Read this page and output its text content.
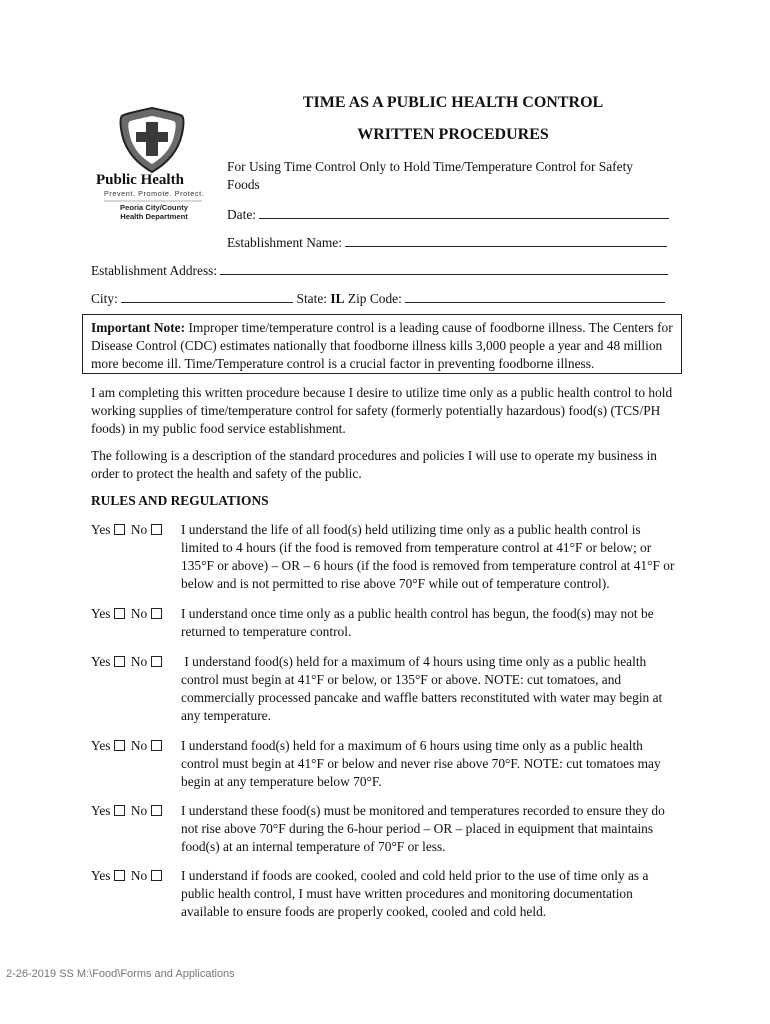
TIME AS A PUBLIC HEALTH CONTROL
WRITTEN PROCEDURES
Public Health
Prevent. Promote. Protect.
Peoria City/County
Health Department
For Using Time Control Only to Hold Time/Temperature Control for Safety Foods
Date:
Establishment Name:
Establishment Address:
City:	State: IL Zip Code:
Important Note: Improper time/temperature control is a leading cause of foodborne illness. The Centers for Disease Control (CDC) estimates nationally that foodborne illness kills 3,000 people a year and 48 million more become ill. Time/Temperature control is a crucial factor in preventing foodborne illness.
I am completing this written procedure because I desire to utilize time only as a public health control to hold working supplies of time/temperature control for safety (formerly potentially hazardous) food(s) (TCS/PH foods) in my public food service establishment.
The following is a description of the standard procedures and policies I will use to operate my business in order to protect the health and safety of the public.
RULES AND REGULATIONS
Yes No	I understand the life of all food(s) held utilizing time only as a public health control is limited to 4 hours (if the food is removed from temperature control at 41°F or below; or 135°F or above) – OR – 6 hours (if the food is removed from temperature control at 41°F or below and is not permitted to rise above 70°F while out of temperature control).
Yes No	I understand once time only as a public health control has begun, the food(s) may not be returned to temperature control.
Yes No	I understand food(s) held for a maximum of 4 hours using time only as a public health control must begin at 41°F or below, or 135°F or above. NOTE: cut tomatoes, and commercially processed pancake and waffle batters reconstituted with water may begin at any temperature.
Yes No	I understand food(s) held for a maximum of 6 hours using time only as a public health control must begin at 41°F or below and never rise above 70°F. NOTE: cut tomatoes may begin at any temperature below 70°F.
Yes No	I understand these food(s) must be monitored and temperatures recorded to ensure they do not rise above 70°F during the 6-hour period – OR – placed in equipment that maintains food(s) at an internal temperature of 70°F or less.
Yes No	I understand if foods are cooked, cooled and cold held prior to the use of time only as a public health control, I must have written procedures and monitoring documentation available to ensure foods are properly cooked, cooled and cold held.
2-26-2019 SS M:\Food\Forms and Applications
